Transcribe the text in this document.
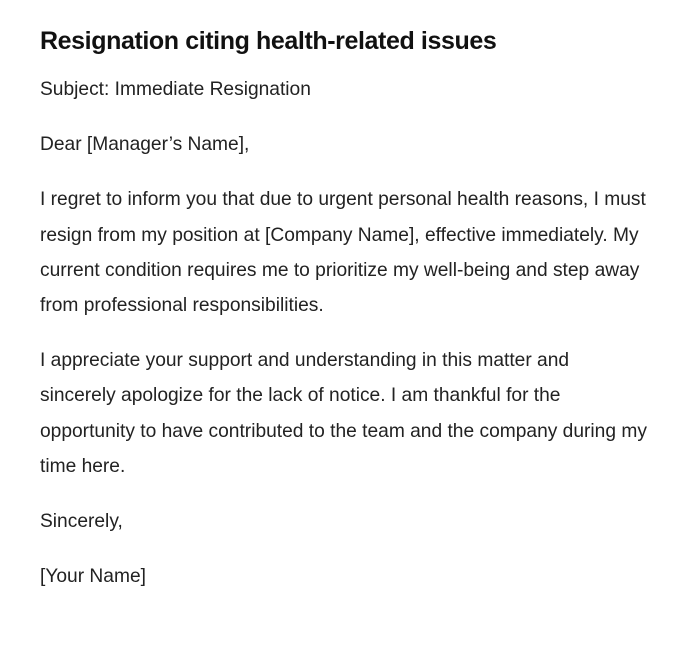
Resignation citing health-related issues

Subject: Immediate Resignation

Dear [Manager’s Name],

I regret to inform you that due to urgent personal health reasons, I must resign from my position at [Company Name], effective immediately. My current condition requires me to prioritize my well-being and step away from professional responsibilities.

I appreciate your support and understanding in this matter and sincerely apologize for the lack of notice. I am thankful for the opportunity to have contributed to the team and the company during my time here.

Sincerely,

[Your Name]
